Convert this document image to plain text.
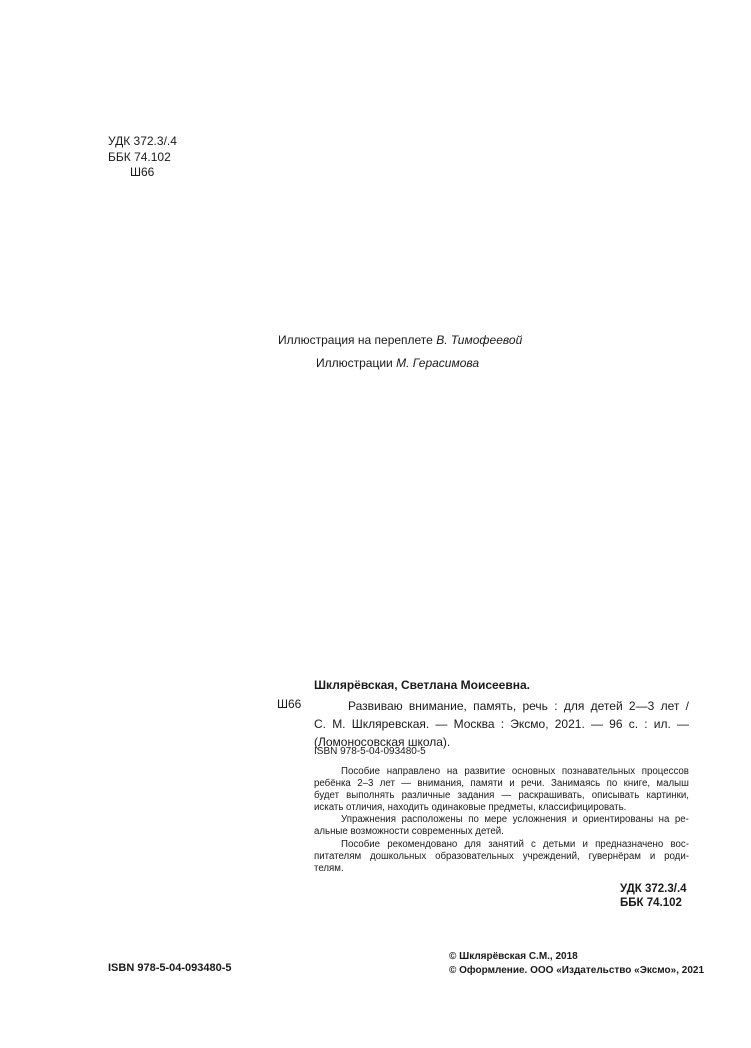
УДК 372.3/.4
ББК 74.102
Ш66
Иллюстрация на переплете В. Тимофеевой
Иллюстрации М. Герасимова
Шклярёвская, Светлана Моисеевна.
Ш66	Развиваю внимание, память, речь : для детей 2—3 лет /
С. М. Шкляревская. — Москва : Эксмо, 2021. — 96 с. : ил. —
(Ломоносовская школа).
ISBN 978-5-04-093480-5
Пособие направлено на развитие основных познавательных процессов
ребёнка 2–3 лет — внимания, памяти и речи. Занимаясь по книге, малыш
будет выполнять различные задания — раскрашивать, описывать картинки,
искать отличия, находить одинаковые предметы, классифицировать.
Упражнения расположены по мере усложнения и ориентированы на ре-
альные возможности современных детей.
Пособие рекомендовано для занятий с детьми и предназначено вос-
питателям дошкольных образовательных учреждений, гувернёрам и роди-
телям.
УДК 372.3/.4
ББК 74.102
ISBN 978-5-04-093480-5
© Шклярёвская С.М., 2018
© Оформление. ООО «Издательство «Эксмо», 2021
